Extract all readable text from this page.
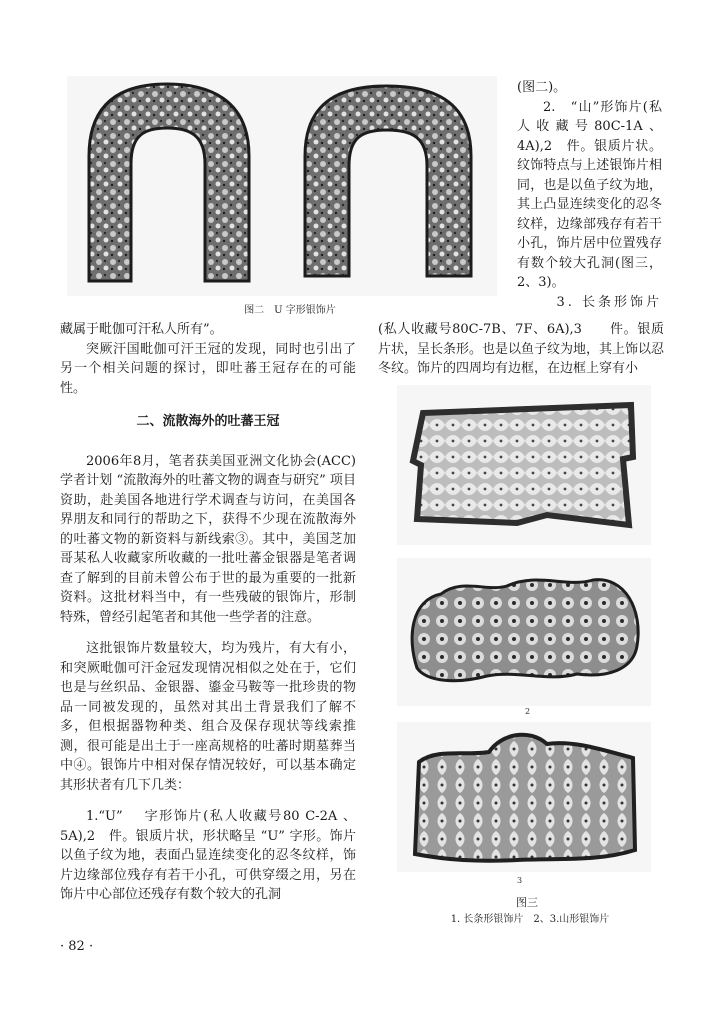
图二　U 字形银饰片

(图二)。

2.　“山”形饰片(私人收藏号80C-1A、4A),2　件。银质片状。纹饰特点与上述银饰片相同，也是以鱼子纹为地，其上凸显连续变化的忍冬纹样，边缘部残存有若干小孔，饰片居中位置残存有数个较大孔洞(图三，2、3)。

3. 长条形饰片

(私人收藏号80C-7B、7F、6A),3　　件。银质片状，呈长条形。也是以鱼子纹为地，其上饰以忍冬纹。饰片的四周均有边框，在边框上穿有小

藏属于毗伽可汗私人所有”。

突厥汗国毗伽可汗王冠的发现，同时也引出了另一个相关问题的探讨，即吐蕃王冠存在的可能性。

二、流散海外的吐蕃王冠

2006年8月，笔者获美国亚洲文化协会(ACC) 学者计划 “流散海外的吐蕃文物的调查与研究” 项目资助，赴美国各地进行学术调查与访问，在美国各界朋友和同行的帮助之下，获得不少现在流散海外的吐蕃文物的新资料与新线索③。其中，美国芝加哥某私人收藏家所收藏的一批吐蕃金银器是笔者调查了解到的目前未曾公布于世的最为重要的一批新资料。这批材料当中，有一些残破的银饰片，形制特殊，曾经引起笔者和其他一些学者的注意。

这批银饰片数量较大，均为残片，有大有小，和突厥毗伽可汗金冠发现情况相似之处在于，它们也是与丝织品、金银器、鎏金马鞍等一批珍贵的物品一同被发现的，虽然对其出土背景我们了解不多，但根据器物种类、组合及保存现状等线索推测，很可能是出土于一座高规格的吐蕃时期墓葬当中④。银饰片中相对保存情况较好，可以基本确定其形状者有几下几类：

1.“U”　 字形饰片(私人收藏号80 C-2A 、5A),2　件。银质片状，形状略呈 “U” 字形。饰片以鱼子纹为地，表面凸显连续变化的忍冬纹样，饰片边缘部位残存有若干小孔，可供穿缀之用，另在饰片中心部位还残存有数个较大的孔洞

2
3
图三
1. 长条形银饰片　2、3.山形银饰片
· 82 ·
